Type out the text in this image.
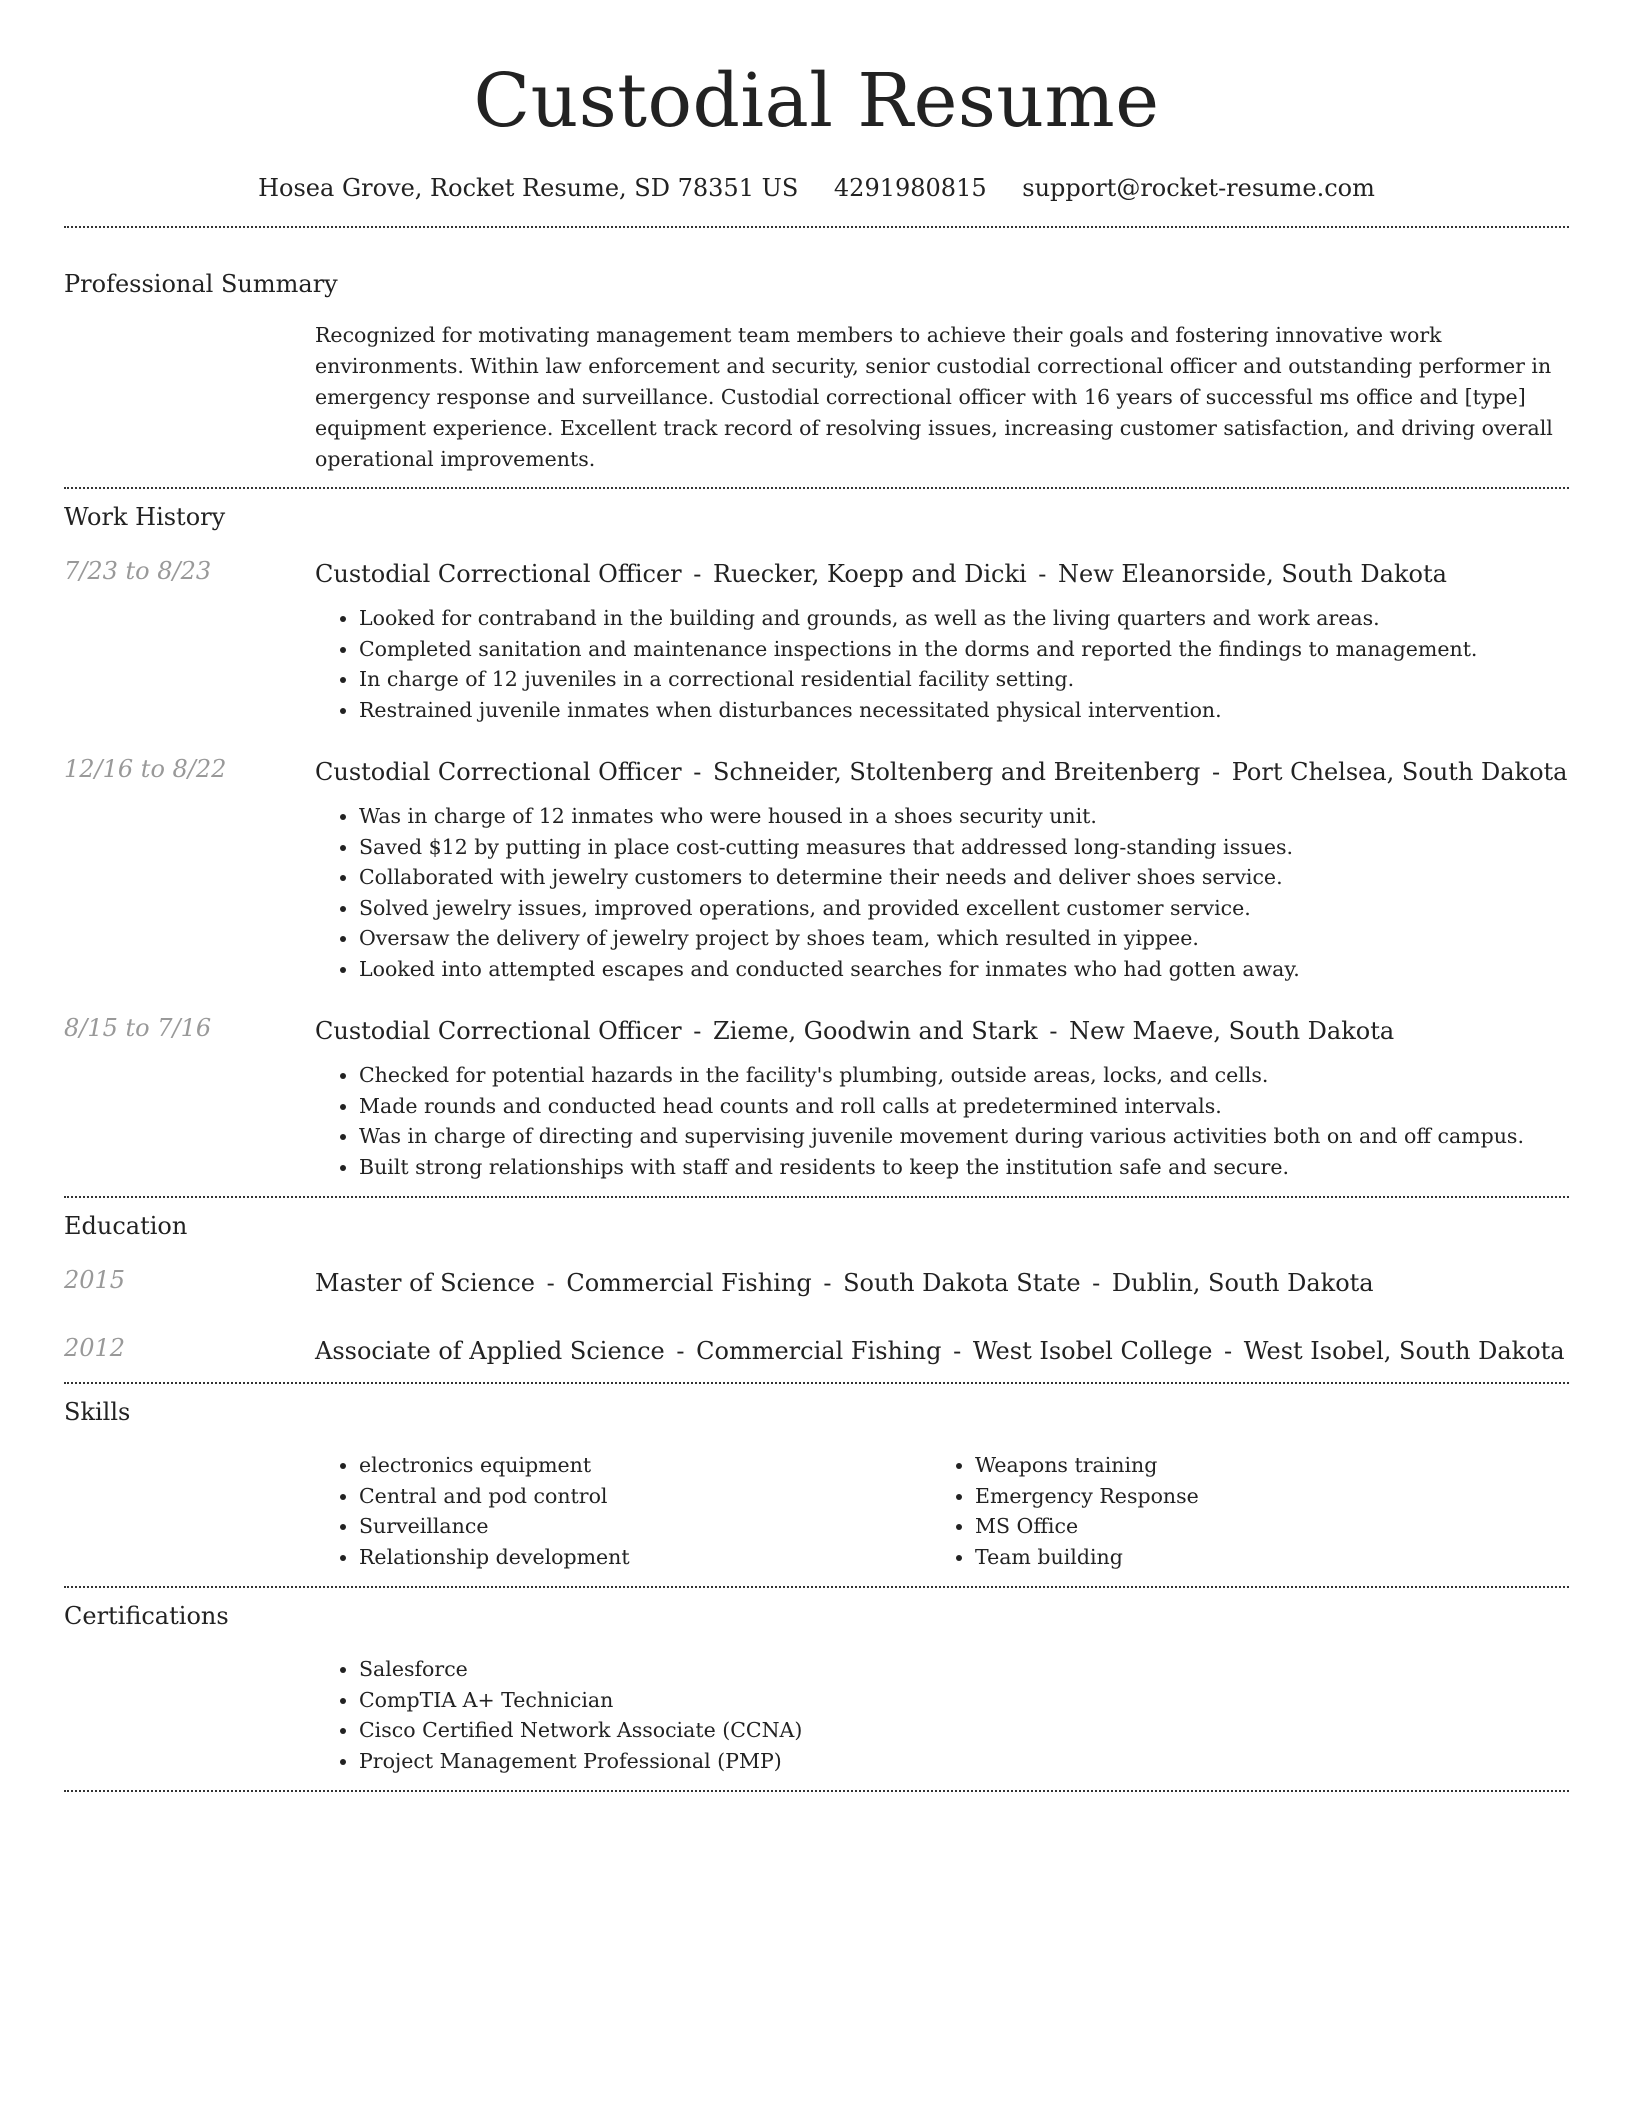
Custodial Resume
Hosea Grove, Rocket Resume, SD 78351 US 4291980815 support@rocket-resume.com
Professional Summary

Recognized for motivating management team members to achieve their goals and fostering innovative work environments. Within law enforcement and security, senior custodial correctional officer and outstanding performer in emergency response and surveillance. Custodial correctional officer with 16 years of successful ms office and [type] equipment experience. Excellent track record of resolving issues, increasing customer satisfaction, and driving overall operational improvements.

Work History
7/23 to 8/23	Custodial Correctional Officer - Ruecker, Koepp and Dicki - New Eleanorside, South Dakota
• Looked for contraband in the building and grounds, as well as the living quarters and work areas.
• Completed sanitation and maintenance inspections in the dorms and reported the findings to management.
• In charge of 12 juveniles in a correctional residential facility setting.
• Restrained juvenile inmates when disturbances necessitated physical intervention.
12/16 to 8/22	Custodial Correctional Officer - Schneider, Stoltenberg and Breitenberg - Port Chelsea, South Dakota
• Was in charge of 12 inmates who were housed in a shoes security unit.
• Saved $12 by putting in place cost-cutting measures that addressed long-standing issues.
• Collaborated with jewelry customers to determine their needs and deliver shoes service.
• Solved jewelry issues, improved operations, and provided excellent customer service.
• Oversaw the delivery of jewelry project by shoes team, which resulted in yippee.
• Looked into attempted escapes and conducted searches for inmates who had gotten away.
8/15 to 7/16	Custodial Correctional Officer - Zieme, Goodwin and Stark - New Maeve, South Dakota
• Checked for potential hazards in the facility's plumbing, outside areas, locks, and cells.
• Made rounds and conducted head counts and roll calls at predetermined intervals.
• Was in charge of directing and supervising juvenile movement during various activities both on and off campus.
• Built strong relationships with staff and residents to keep the institution safe and secure.
Education
2015	Master of Science - Commercial Fishing - South Dakota State - Dublin, South Dakota
2012	Associate of Applied Science - Commercial Fishing - West Isobel College - West Isobel, South Dakota
Skills
• electronics equipment
• Central and pod control
• Surveillance
• Relationship development
• Weapons training
• Emergency Response
• MS Office
• Team building
Certifications
• Salesforce
• CompTIA A+ Technician
• Cisco Certified Network Associate (CCNA)
• Project Management Professional (PMP)
